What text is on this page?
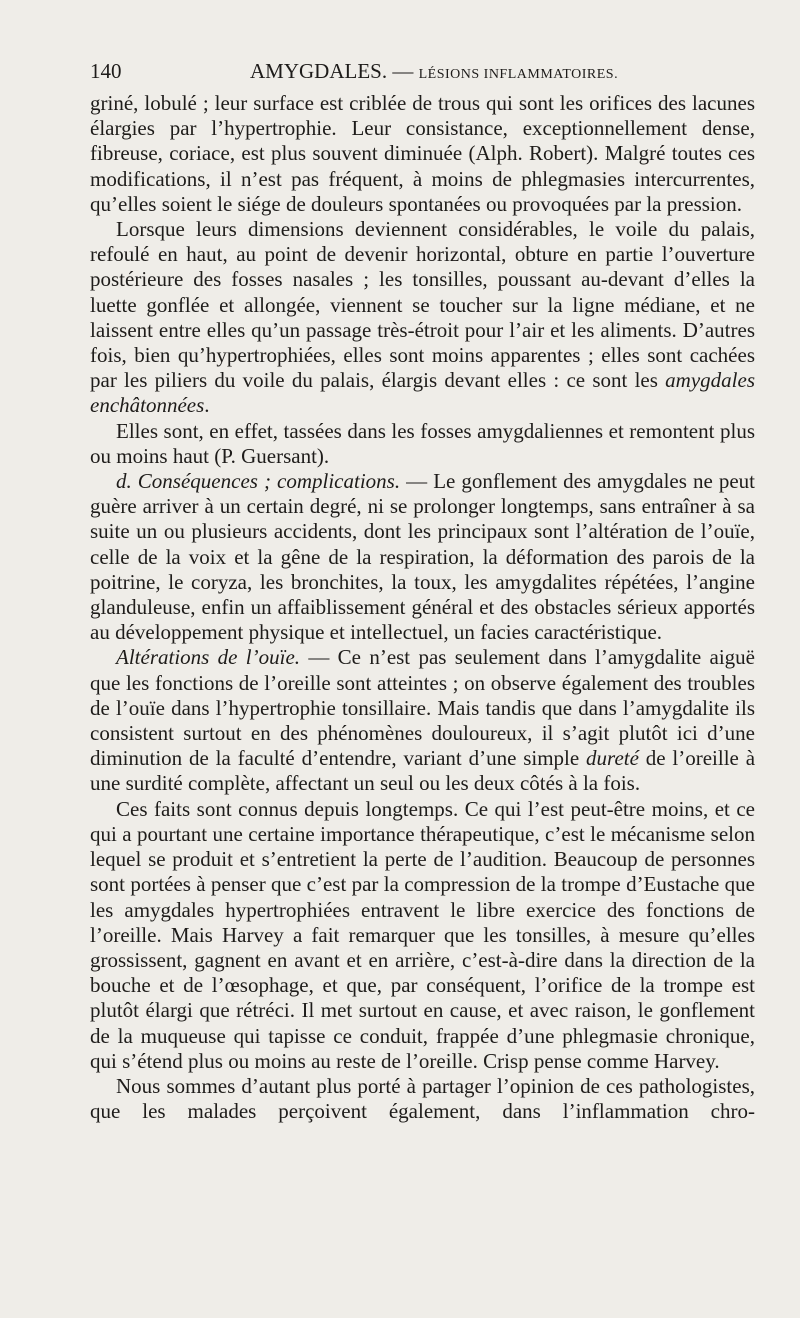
140	AMYGDALES. — LÉSIONS INFLAMMATOIRES.

griné, lobulé ; leur surface est criblée de trous qui sont les orifices des lacunes élargies par l’hypertrophie. Leur consistance, exceptionnellement dense, fibreuse, coriace, est plus souvent diminuée (Alph. Robert). Malgré toutes ces modifications, il n’est pas fréquent, à moins de phlegmasies intercurrentes, qu’elles soient le siége de douleurs spontanées ou provoquées par la pression.

Lorsque leurs dimensions deviennent considérables, le voile du palais, refoulé en haut, au point de devenir horizontal, obture en partie l’ouverture postérieure des fosses nasales ; les tonsilles, poussant au-devant d’elles la luette gonflée et allongée, viennent se toucher sur la ligne médiane, et ne laissent entre elles qu’un passage très-étroit pour l’air et les aliments. D’autres fois, bien qu’hypertrophiées, elles sont moins apparentes ; elles sont cachées par les piliers du voile du palais, élargis devant elles : ce sont les amygdales enchâtonnées.

Elles sont, en effet, tassées dans les fosses amygdaliennes et remontent plus ou moins haut (P. Guersant).

d. Conséquences ; complications. — Le gonflement des amygdales ne peut guère arriver à un certain degré, ni se prolonger longtemps, sans entraîner à sa suite un ou plusieurs accidents, dont les principaux sont l’altération de l’ouïe, celle de la voix et la gêne de la respiration, la déformation des parois de la poitrine, le coryza, les bronchites, la toux, les amygdalites répétées, l’angine glanduleuse, enfin un affaiblissement général et des obstacles sérieux apportés au développement physique et intellectuel, un facies caractéristique.

Altérations de l’ouïe. — Ce n’est pas seulement dans l’amygdalite aiguë que les fonctions de l’oreille sont atteintes ; on observe également des troubles de l’ouïe dans l’hypertrophie tonsillaire. Mais tandis que dans l’amygdalite ils consistent surtout en des phénomènes douloureux, il s’agit plutôt ici d’une diminution de la faculté d’entendre, variant d’une simple dureté de l’oreille à une surdité complète, affectant un seul ou les deux côtés à la fois.

Ces faits sont connus depuis longtemps. Ce qui l’est peut-être moins, et ce qui a pourtant une certaine importance thérapeutique, c’est le mécanisme selon lequel se produit et s’entretient la perte de l’audition. Beaucoup de personnes sont portées à penser que c’est par la compression de la trompe d’Eustache que les amygdales hypertrophiées entravent le libre exercice des fonctions de l’oreille. Mais Harvey a fait remarquer que les tonsilles, à mesure qu’elles grossissent, gagnent en avant et en arrière, c’est-à-dire dans la direction de la bouche et de l’œsophage, et que, par conséquent, l’orifice de la trompe est plutôt élargi que rétréci. Il met surtout en cause, et avec raison, le gonflement de la muqueuse qui tapisse ce conduit, frappée d’une phlegmasie chronique, qui s’étend plus ou moins au reste de l’oreille. Crisp pense comme Harvey.

Nous sommes d’autant plus porté à partager l’opinion de ces pathologistes, que les malades perçoivent également, dans l’inflammation chro-
